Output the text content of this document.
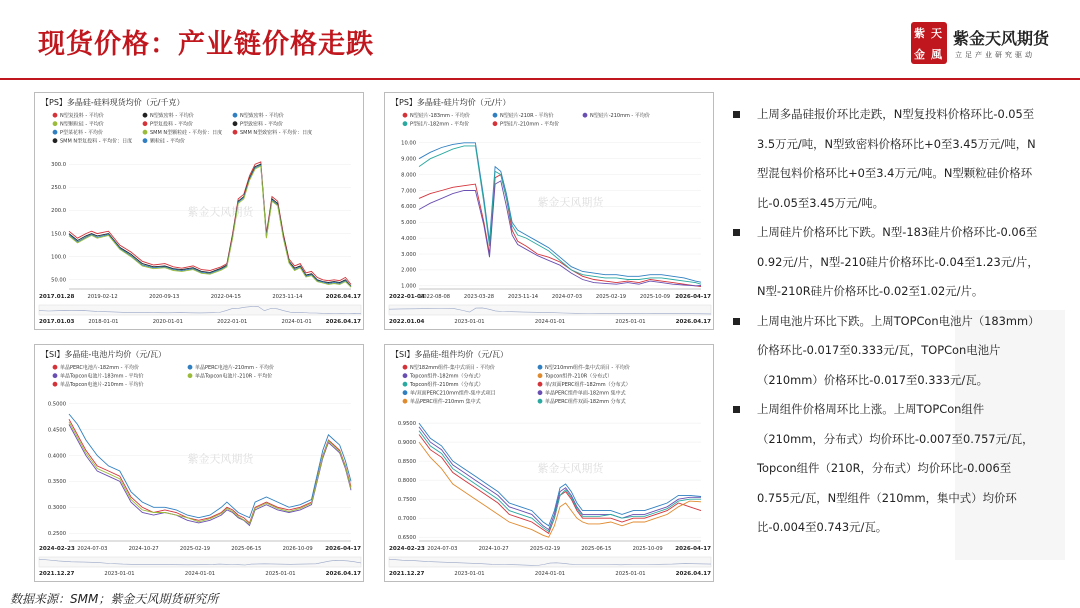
现货价格：产业链价格走跌	紫 天
金 風
紫金天风期货
立足产业研究驱动
【PS】多晶硅-硅料现货均价（元/千克）
N型复投料 - 平均价	N型致密料 - 平均价	N型致密料 - 平均价
N型颗粒硅 - 平均价	P型复投料 - 平均价	P型致密料 - 平均价
P型菜花料 - 平均价	SMM N型颗粒硅 - 平均价：日度	SMM N型致密料 - 平均价：日度
SMM N型复投料 - 平均价：日度	颗粒硅 - 平均价
紫金天风期货
50.00
100.0
150.0
200.0
250.0
300.0
2017.01.28	2019-02-12	2020-09-13	2022-04-15	2023-11-14	2026.04.17
2017.01.03	2018-01-01	2020-01-01	2022-01-01	2024-01-01 2026.04.17
【PS】多晶硅-硅片均价（元/片）
N型硅片-183mm - 平均价	N型硅片-210R - 平均价	N型硅片-210mm - 平均价
P型硅片-182mm - 平均价	P型硅片-210mm - 平均价
紫金天风期货
1.000
2.000
3.000
4.000
5.000
6.000
7.000
8.000
9.000
10.00
2022-01-04
2022-08-08	2023-03-28	2023-11-14	2024-07-03	2025-02-19	2025-10-09 2026-04-17
2022.01.04	2023-01-01	2024-01-01	2025-01-01	2026.04.17
【SI】多晶硅-电池片均价（元/瓦）
单晶PERC电池片-182mm - 平均价	单晶PERC电池片-210mm - 平均价
单晶Topcon电池片-183mm - 平均价	单晶Topcon电池片-210R - 平均价
单晶Topcon电池片-210mm - 平均价
紫金天风期货
0.2500
0.3000
0.3500
0.4000
0.4500
0.5000
2024-02-23 2024-07-03	2024-10-27	2025-02-19	2025-06-15	2026-10-09 2026-04-17
2021.12.27	2023-01-01	2024-01-01	2025-01-01	2026.04.17
【SI】多晶硅-组件均价（元/瓦）
N型182mm组件-集中式项目 - 平均价	N型210mm组件-集中式项目 - 平均价
Topcon组件-182mm（分布式）	Topcon组件-210R（分布式）
Topcon组件-210mm（分布式）	单/双面PERC组件-182mm（分布式）
单/双面PERC210mm组件-集中式项目	单晶PERC组件单面-182mm 集中式
单晶PERC组件-210mm 集中式	单晶PERC组件双面-182mm 分布式
紫金天风期货
0.6500
0.7000
0.7500
0.8000
0.8500
0.9000
0.9500
2024-02-23 2024-07-03	2024-10-27	2025-02-19	2025-06-15	2025-10-09 2026-04-17
2021.12.27	2023-01-01	2024-01-01	2025-01-01	2026.04.17
上周多晶硅报价环比走跌，N型复投料价格环比-0.05至3.5万元/吨，N型致密料价格环比+0至3.45万元/吨，N型混包料价格环比+0至3.4万元/吨。N型颗粒硅价格环比-0.05至3.45万元/吨。
上周硅片价格环比下跌。N型-183硅片价格环比-0.06至0.92元/片，N型-210硅片价格环比-0.04至1.23元/片，N型-210R硅片价格环比-0.02至1.02元/片。
上周电池片环比下跌。上周TOPCon电池片（183mm）价格环比-0.017至0.333元/瓦，TOPCon电池片（210mm）价格环比-0.017至0.333元/瓦。
上周组件价格周环比上涨。上周TOPCon组件（210mm，分布式）均价环比-0.007至0.757元/瓦，Topcon组件（210R，分布式）均价环比-0.006至0.755元/瓦，N型组件（210mm，集中式）均价环比-0.004至0.743元/瓦。
数据来源：SMM；紫金天风期货研究所
